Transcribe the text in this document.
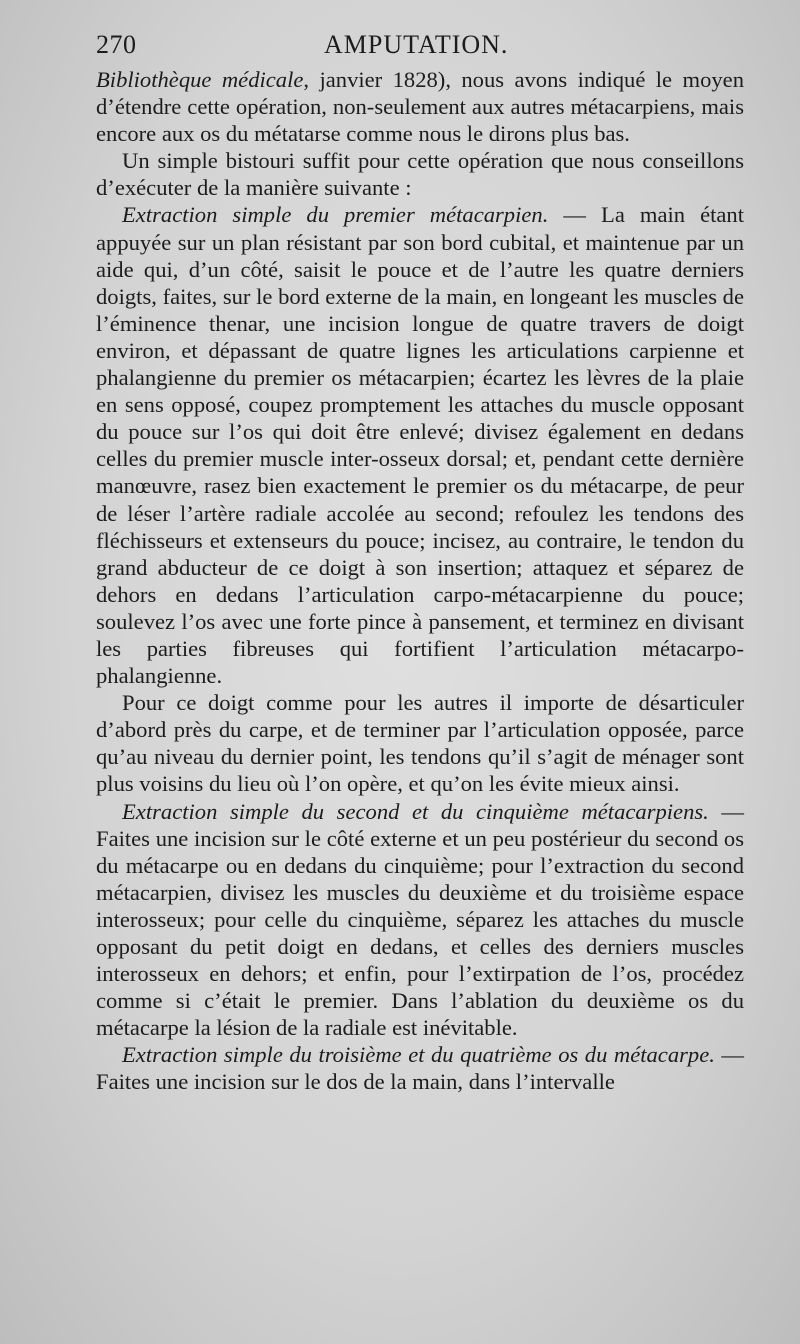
270	AMPUTATION.

Bibliothèque médicale, janvier 1828), nous avons indiqué le moyen d’étendre cette opération, non-seulement aux autres métacarpiens, mais encore aux os du métatarse comme nous le dirons plus bas.

Un simple bistouri suffit pour cette opération que nous conseillons d’exécuter de la manière suivante :

Extraction simple du premier métacarpien. — La main étant appuyée sur un plan résistant par son bord cubital, et maintenue par un aide qui, d’un côté, saisit le pouce et de l’autre les quatre derniers doigts, faites, sur le bord externe de la main, en longeant les muscles de l’éminence thenar, une incision longue de quatre travers de doigt environ, et dépassant de quatre lignes les articulations carpienne et phalangienne du premier os métacarpien; écartez les lèvres de la plaie en sens opposé, coupez promptement les attaches du muscle opposant du pouce sur l’os qui doit être enlevé; divisez également en dedans celles du premier muscle inter-osseux dorsal; et, pendant cette dernière manœuvre, rasez bien exactement le premier os du métacarpe, de peur de léser l’artère radiale accolée au second; refoulez les tendons des fléchisseurs et extenseurs du pouce; incisez, au contraire, le tendon du grand abducteur de ce doigt à son insertion; attaquez et séparez de dehors en dedans l’articulation carpo-métacarpienne du pouce; soulevez l’os avec une forte pince à pansement, et terminez en divisant les parties fibreuses qui fortifient l’articulation métacarpo-phalangienne.

Pour ce doigt comme pour les autres il importe de désarticuler d’abord près du carpe, et de terminer par l’articulation opposée, parce qu’au niveau du dernier point, les tendons qu’il s’agit de ménager sont plus voisins du lieu où l’on opère, et qu’on les évite mieux ainsi.

Extraction simple du second et du cinquième métacarpiens. — Faites une incision sur le côté externe et un peu postérieur du second os du métacarpe ou en dedans du cinquième; pour l’extraction du second métacarpien, divisez les muscles du deuxième et du troisième espace interosseux; pour celle du cinquième, séparez les attaches du muscle opposant du petit doigt en dedans, et celles des derniers muscles interosseux en dehors; et enfin, pour l’extirpation de l’os, procédez comme si c’était le premier. Dans l’ablation du deuxième os du métacarpe la lésion de la radiale est inévitable.

Extraction simple du troisième et du quatrième os du métacarpe. — Faites une incision sur le dos de la main, dans l’intervalle
